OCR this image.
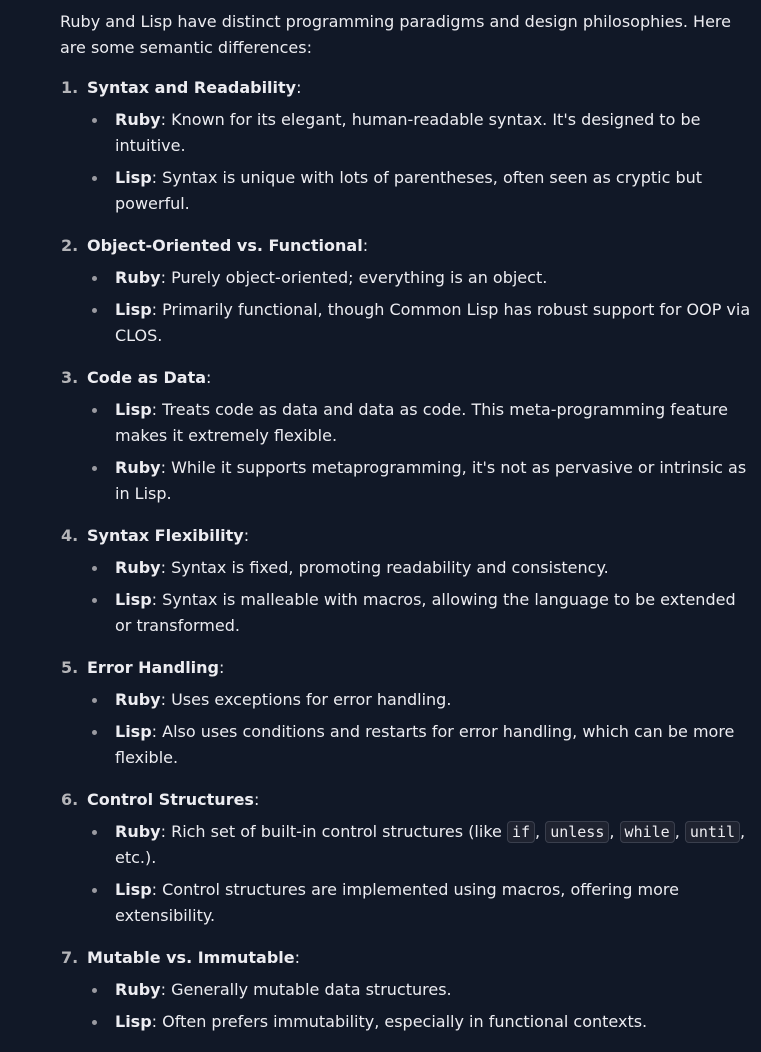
Ruby and Lisp have distinct programming paradigms and design philosophies. Here are some semantic differences:

1. Syntax and Readability:
Ruby: Known for its elegant, human-readable syntax. It's designed to be intuitive.
Lisp: Syntax is unique with lots of parentheses, often seen as cryptic but powerful.
2. Object-Oriented vs. Functional:
Ruby: Purely object-oriented; everything is an object.
Lisp: Primarily functional, though Common Lisp has robust support for OOP via CLOS.
3. Code as Data:
Lisp: Treats code as data and data as code. This meta-programming feature makes it extremely flexible.
Ruby: While it supports metaprogramming, it's not as pervasive or intrinsic as in Lisp.
4. Syntax Flexibility:
Ruby: Syntax is fixed, promoting readability and consistency.
Lisp: Syntax is malleable with macros, allowing the language to be extended or transformed.
5. Error Handling:
Ruby: Uses exceptions for error handling.
Lisp: Also uses conditions and restarts for error handling, which can be more flexible.
6. Control Structures:
Ruby: Rich set of built-in control structures (like if , unless , while , until , etc.).
Lisp: Control structures are implemented using macros, offering more extensibility.
7. Mutable vs. Immutable:
Ruby: Generally mutable data structures.
Lisp: Often prefers immutability, especially in functional contexts.
